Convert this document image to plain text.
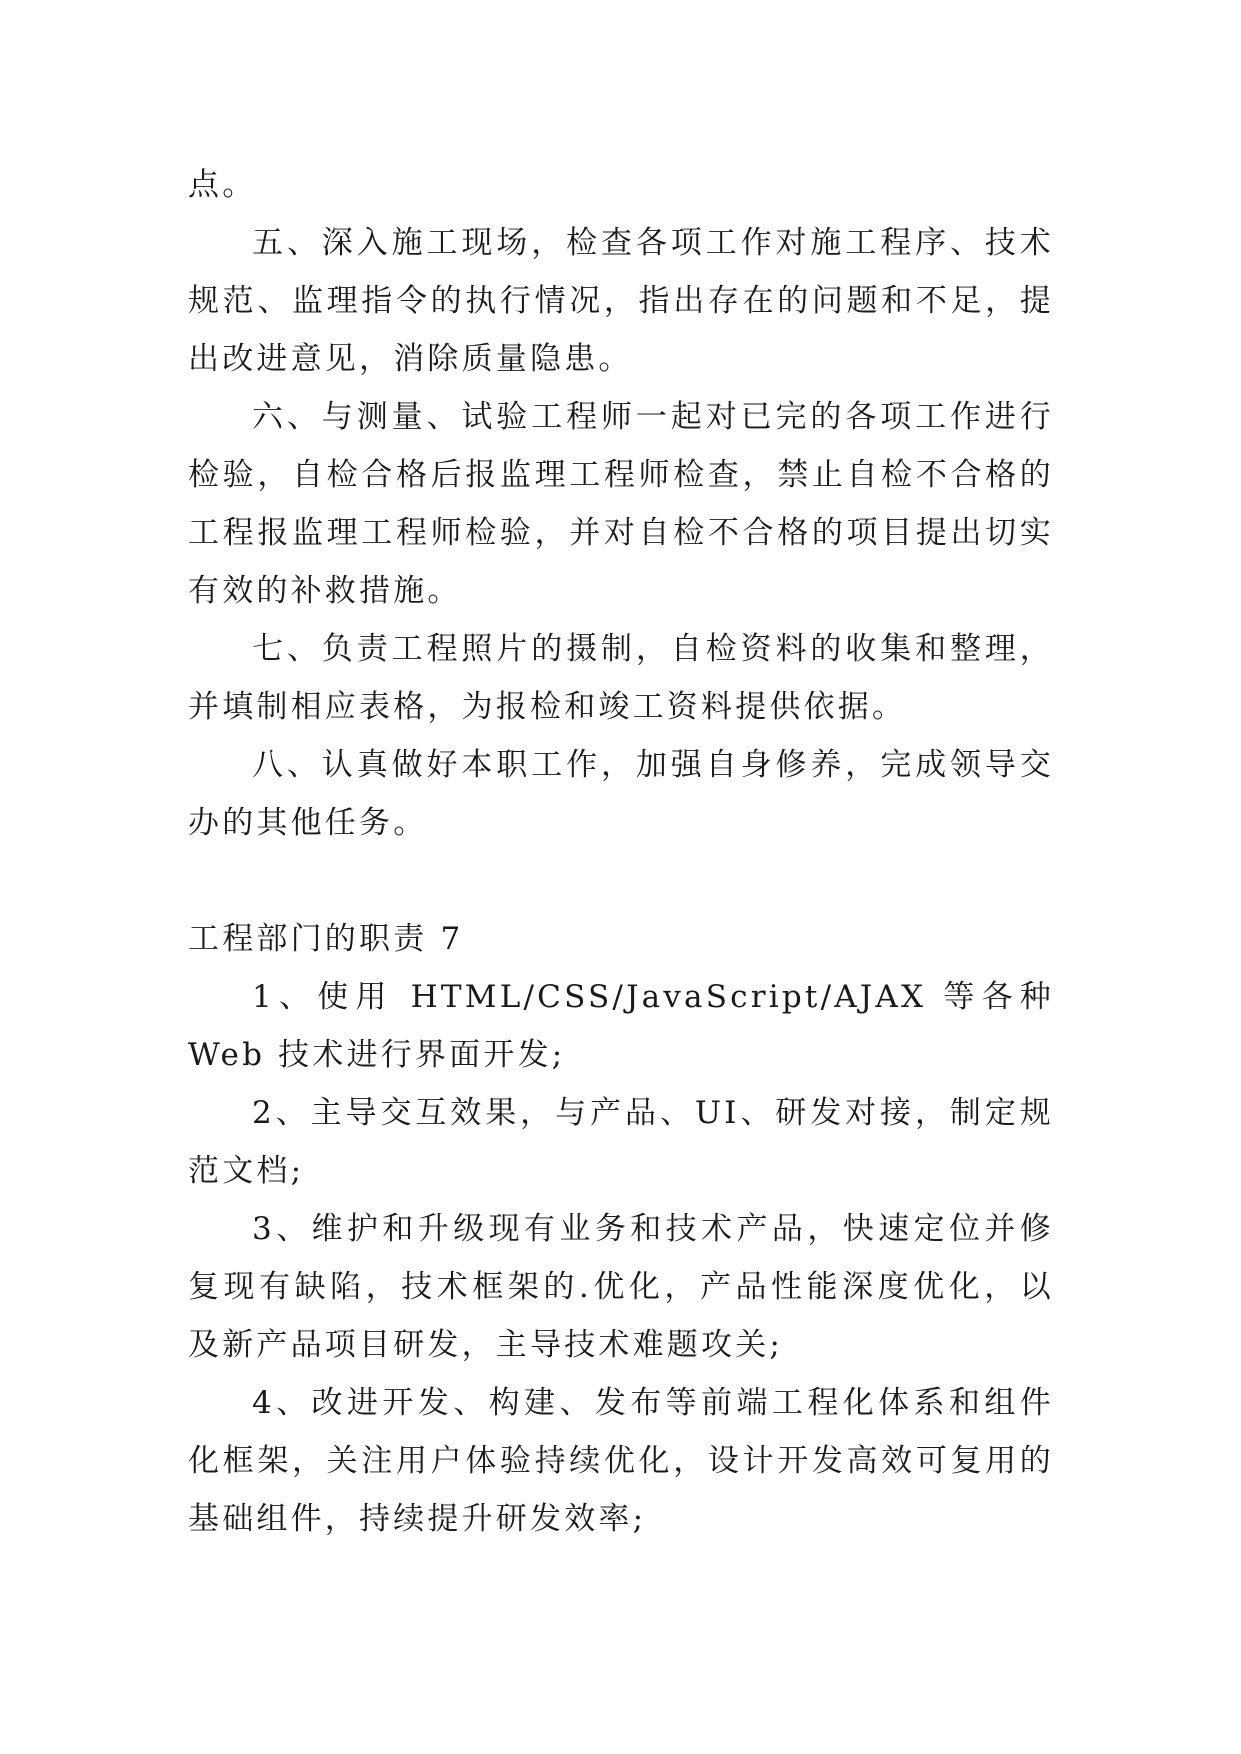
点。

五、深入施工现场，检查各项工作对施工程序、技术规范、监理指令的执行情况，指出存在的问题和不足，提出改进意见，消除质量隐患。

六、与测量、试验工程师一起对已完的各项工作进行检验，自检合格后报监理工程师检查，禁止自检不合格的工程报监理工程师检验，并对自检不合格的项目提出切实有效的补救措施。

七、负责工程照片的摄制，自检资料的收集和整理，并填制相应表格，为报检和竣工资料提供依据。

八、认真做好本职工作，加强自身修养，完成领导交办的其他任务。

工程部门的职责 7

1、使用 HTML/CSS/JavaScript/AJAX 等各种 Web 技术进行界面开发;

2、主导交互效果，与产品、UI、研发对接，制定规范文档;

3、维护和升级现有业务和技术产品，快速定位并修复现有缺陷，技术框架的.优化，产品性能深度优化，以及新产品项目研发，主导技术难题攻关;

4、改进开发、构建、发布等前端工程化体系和组件化框架，关注用户体验持续优化，设计开发高效可复用的基础组件，持续提升研发效率;
